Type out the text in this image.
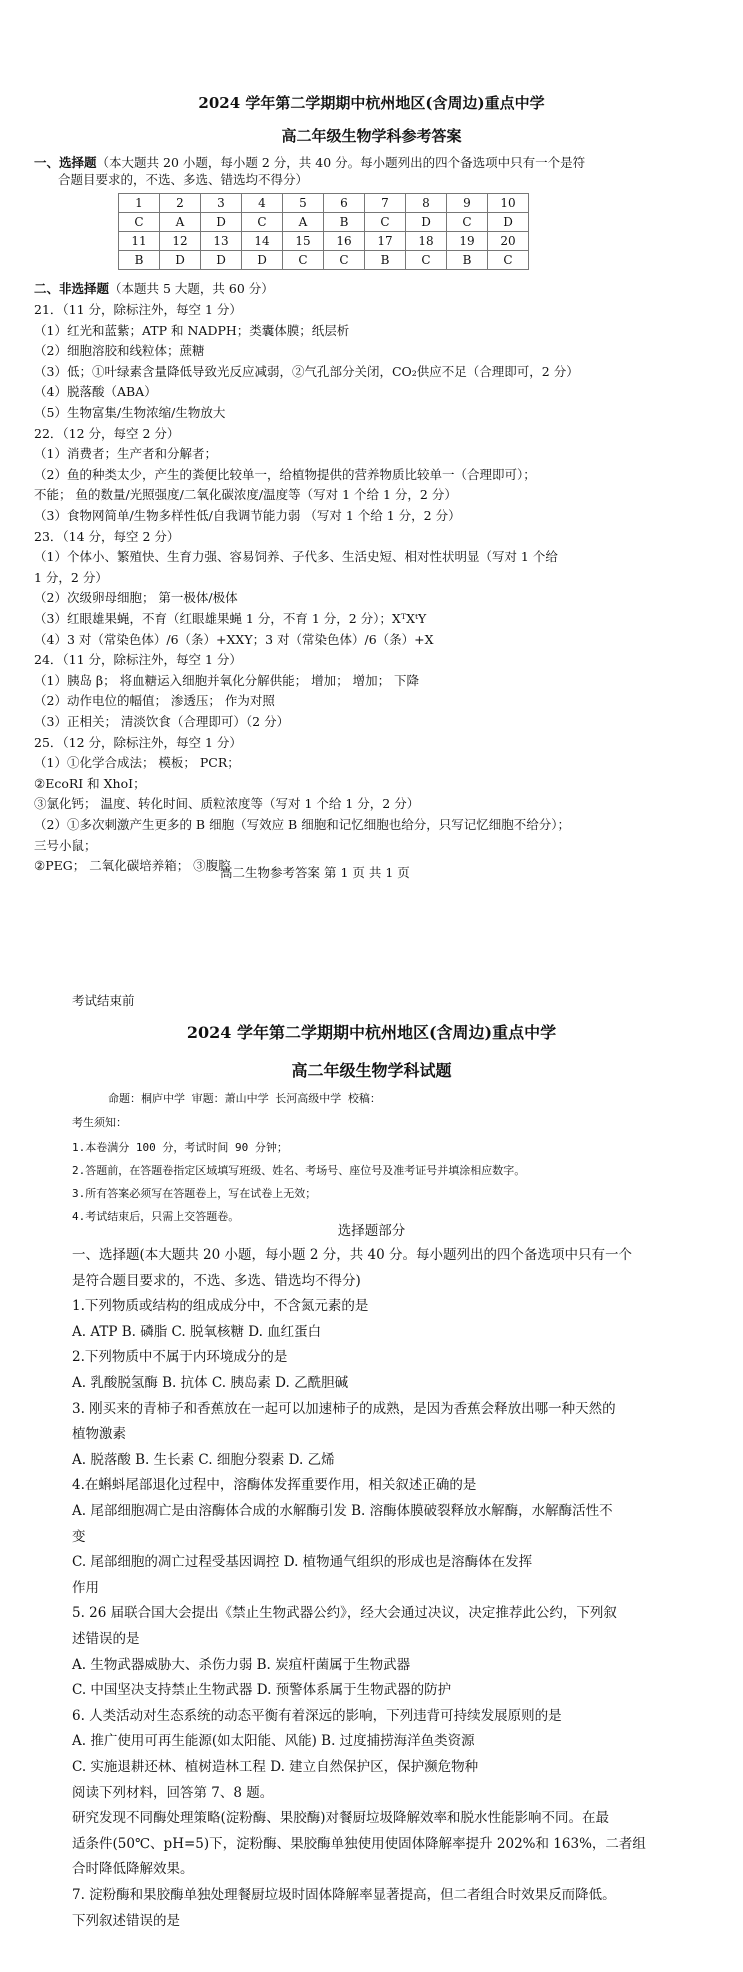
2024 学年第二学期期中杭州地区(含周边)重点中学
高二年级生物学科参考答案
一、选择题（本大题共 20 小题，每小题 2 分，共 40 分。每小题列出的四个备选项中只有一个是符
合题目要求的，不选、多选、错选均不得分）
1	2	3	4	5	6	7	8	9	10
C	A	D	C	A	B	C	D	C	D
11	12	13	14	15	16	17	18	19	20
B	D	D	D	C	C	B	C	B	C
二、非选择题（本题共 5 大题，共 60 分）
21．（11 分，除标注外，每空 1 分）
（1）红光和蓝紫；ATP 和 NADPH；类囊体膜；纸层析
（2）细胞溶胶和线粒体；蔗糖
（3）低；①叶绿素含量降低导致光反应减弱，②气孔部分关闭，CO₂供应不足（合理即可，2 分）
（4）脱落酸（ABA）
（5）生物富集/生物浓缩/生物放大
22．（12 分，每空 2 分）
（1）消费者；生产者和分解者；
（2）鱼的种类太少，产生的粪便比较单一，给植物提供的营养物质比较单一（合理即可）；
不能； 鱼的数量/光照强度/二氧化碳浓度/温度等（写对 1 个给 1 分，2 分）
（3）食物网简单/生物多样性低/自我调节能力弱 （写对 1 个给 1 分，2 分）
23．（14 分，每空 2 分）
（1）个体小、繁殖快、生育力强、容易饲养、子代多、生活史短、相对性状明显（写对 1 个给
1 分，2 分）
（2）次级卵母细胞； 第一极体/极体
（3）红眼雄果蝇，不育（红眼雄果蝇 1 分，不育 1 分，2 分）；XᵀXᵗY
（4）3 对（常染色体）/6（条）+XXY；3 对（常染色体）/6（条）+X
24．（11 分，除标注外，每空 1 分）
（1）胰岛 β； 将血糖运入细胞并氧化分解供能； 增加； 增加； 下降
（2）动作电位的幅值； 渗透压； 作为对照
（3）正相关； 清淡饮食（合理即可）（2 分）
25．（12 分，除标注外，每空 1 分）
（1）①化学合成法； 模板； PCR；
②EcoRI 和 XhoI；
③氯化钙； 温度、转化时间、质粒浓度等（写对 1 个给 1 分，2 分）
（2）①多次刺激产生更多的 B 细胞（写效应 B 细胞和记忆细胞也给分，只写记忆细胞不给分）；
三号小鼠；
②PEG； 二氧化碳培养箱； ③腹腔
高二生物参考答案 第 1 页 共 1 页
考试结束前
2024 学年第二学期期中杭州地区(含周边)重点中学
高二年级生物学科试题
命题：桐庐中学 审题：萧山中学 长河高级中学 校稿：
考生须知：
1.本卷满分 100 分，考试时间 90 分钟；
2.答题前，在答题卷指定区域填写班级、姓名、考场号、座位号及准考证号并填涂相应数字。
3.所有答案必须写在答题卷上，写在试卷上无效；
4.考试结束后，只需上交答题卷。
选择题部分
一、选择题(本大题共 20 小题，每小题 2 分，共 40 分。每小题列出的四个备选项中只有一个
是符合题目要求的，不选、多选、错选均不得分)
1.下列物质或结构的组成成分中，不含氮元素的是
A. ATP B. 磷脂 C. 脱氧核糖 D. 血红蛋白
2.下列物质中不属于内环境成分的是
A. 乳酸脱氢酶 B. 抗体 C. 胰岛素 D. 乙酰胆碱
3. 刚买来的青柿子和香蕉放在一起可以加速柿子的成熟，是因为香蕉会释放出哪一种天然的
植物激素
A. 脱落酸 B. 生长素 C. 细胞分裂素 D. 乙烯
4.在蝌蚪尾部退化过程中，溶酶体发挥重要作用，相关叙述正确的是
A. 尾部细胞凋亡是由溶酶体合成的水解酶引发 B. 溶酶体膜破裂释放水解酶，水解酶活性不
变
C. 尾部细胞的凋亡过程受基因调控 D. 植物通气组织的形成也是溶酶体在发挥
作用
5. 26 届联合国大会提出《禁止生物武器公约》，经大会通过决议，决定推荐此公约，下列叙
述错误的是
A. 生物武器威胁大、杀伤力弱 B. 炭疽杆菌属于生物武器
C. 中国坚决支持禁止生物武器 D. 预警体系属于生物武器的防护
6. 人类活动对生态系统的动态平衡有着深远的影响，下列违背可持续发展原则的是
A. 推广使用可再生能源(如太阳能、风能) B. 过度捕捞海洋鱼类资源
C. 实施退耕还林、植树造林工程 D. 建立自然保护区，保护濒危物种
阅读下列材料，回答第 7、8 题。
研究发现不同酶处理策略(淀粉酶、果胶酶)对餐厨垃圾降解效率和脱水性能影响不同。在最
适条件(50℃、pH=5)下，淀粉酶、果胶酶单独使用使固体降解率提升 202%和 163%，二者组
合时降低降解效果。
7. 淀粉酶和果胶酶单独处理餐厨垃圾时固体降解率显著提高，但二者组合时效果反而降低。
下列叙述错误的是
